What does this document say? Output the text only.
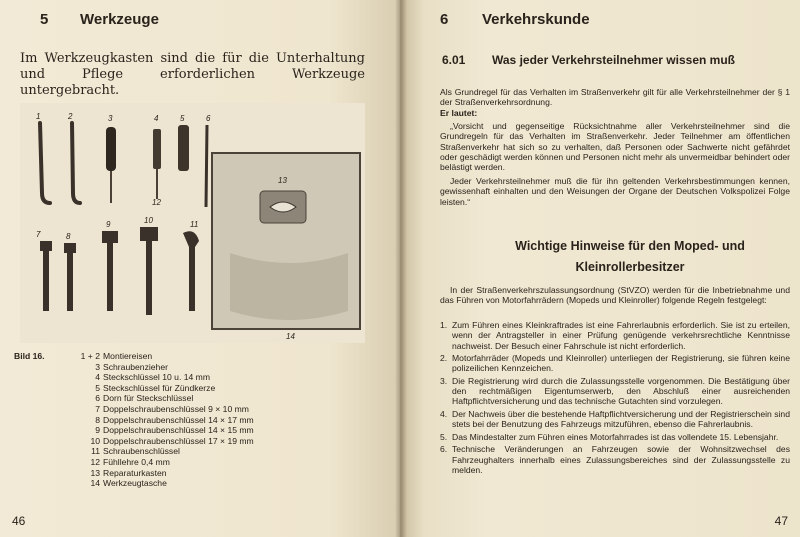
5 Werkzeuge
Im Werkzeugkasten sind die für die Unterhaltung und Pflege erforderlichen Werkzeuge untergebracht.
1	2	3	4	5	6
7	8
9	10	11
12
13
14
Bild 16.	1 + 2 Montiereisen
3 Schraubenzieher
4 Steckschlüssel 10 u. 14 mm
5 Steckschlüssel für Zündkerze
6 Dorn für Steckschlüssel
7 Doppelschraubenschlüssel 9 × 10 mm
8 Doppelschraubenschlüssel 14 × 17 mm
9 Doppelschraubenschlüssel 14 × 15 mm
10 Doppelschraubenschlüssel 17 × 19 mm
11 Schraubenschlüssel
12 Fühllehre 0,4 mm
13 Reparaturkasten
14 Werkzeugtasche
46
6 Verkehrskunde
6.01 Was jeder Verkehrsteilnehmer wissen muß
Als Grundregel für das Verhalten im Straßenverkehr gilt für alle Verkehrsteilnehmer der § 1 der Straßenverkehrsordnung.
Er lautet:
„Vorsicht und gegenseitige Rücksichtnahme aller Verkehrsteilnehmer sind die Grundregeln für das Verhalten im Straßenverkehr. Jeder Teilnehmer am öffentlichen Straßenverkehr hat sich so zu verhalten, daß Personen oder Sachwerte nicht gefährdet oder geschädigt werden können und Personen nicht mehr als unvermeidbar behindert oder belästigt werden.
Jeder Verkehrsteilnehmer muß die für ihn geltenden Verkehrsbestimmungen kennen, gewissenhaft einhalten und den Weisungen der Organe der Deutschen Volkspolizei Folge leisten.“
Wichtige Hinweise für den Moped- und
Kleinrollerbesitzer
In der Straßenverkehrszulassungsordnung (StVZO) werden für die Inbetriebnahme und das Führen von Motorfahrrädern (Mopeds und Kleinroller) folgende Regeln festgelegt:
1. Zum Führen eines Kleinkraftrades ist eine Fahrerlaubnis erforderlich. Sie ist zu erteilen, wenn der Antragsteller in einer Prüfung genügende verkehrsrechtliche Kenntnisse nachweist. Der Besuch einer Fahrschule ist nicht erforderlich.
2. Motorfahrräder (Mopeds und Kleinroller) unterliegen der Registrierung, sie führen keine polizeilichen Kennzeichen.
3. Die Registrierung wird durch die Zulassungsstelle vorgenommen. Die Bestätigung über den rechtmäßigen Eigentumserwerb, den Abschluß einer ausreichenden Haftpflichtversicherung und das technische Gutachten sind vorzulegen.
4. Der Nachweis über die bestehende Haftpflichtversicherung und der Registrierschein sind stets bei der Benutzung des Fahrzeugs mitzuführen, ebenso die Fahrerlaubnis.
5. Das Mindestalter zum Führen eines Motorfahrrades ist das vollendete 15. Lebensjahr.
6. Technische Veränderungen an Fahrzeugen sowie der Wohnsitzwechsel des Fahrzeughalters innerhalb eines Zulassungsbereiches sind der Zulassungsstelle zu melden.
47
